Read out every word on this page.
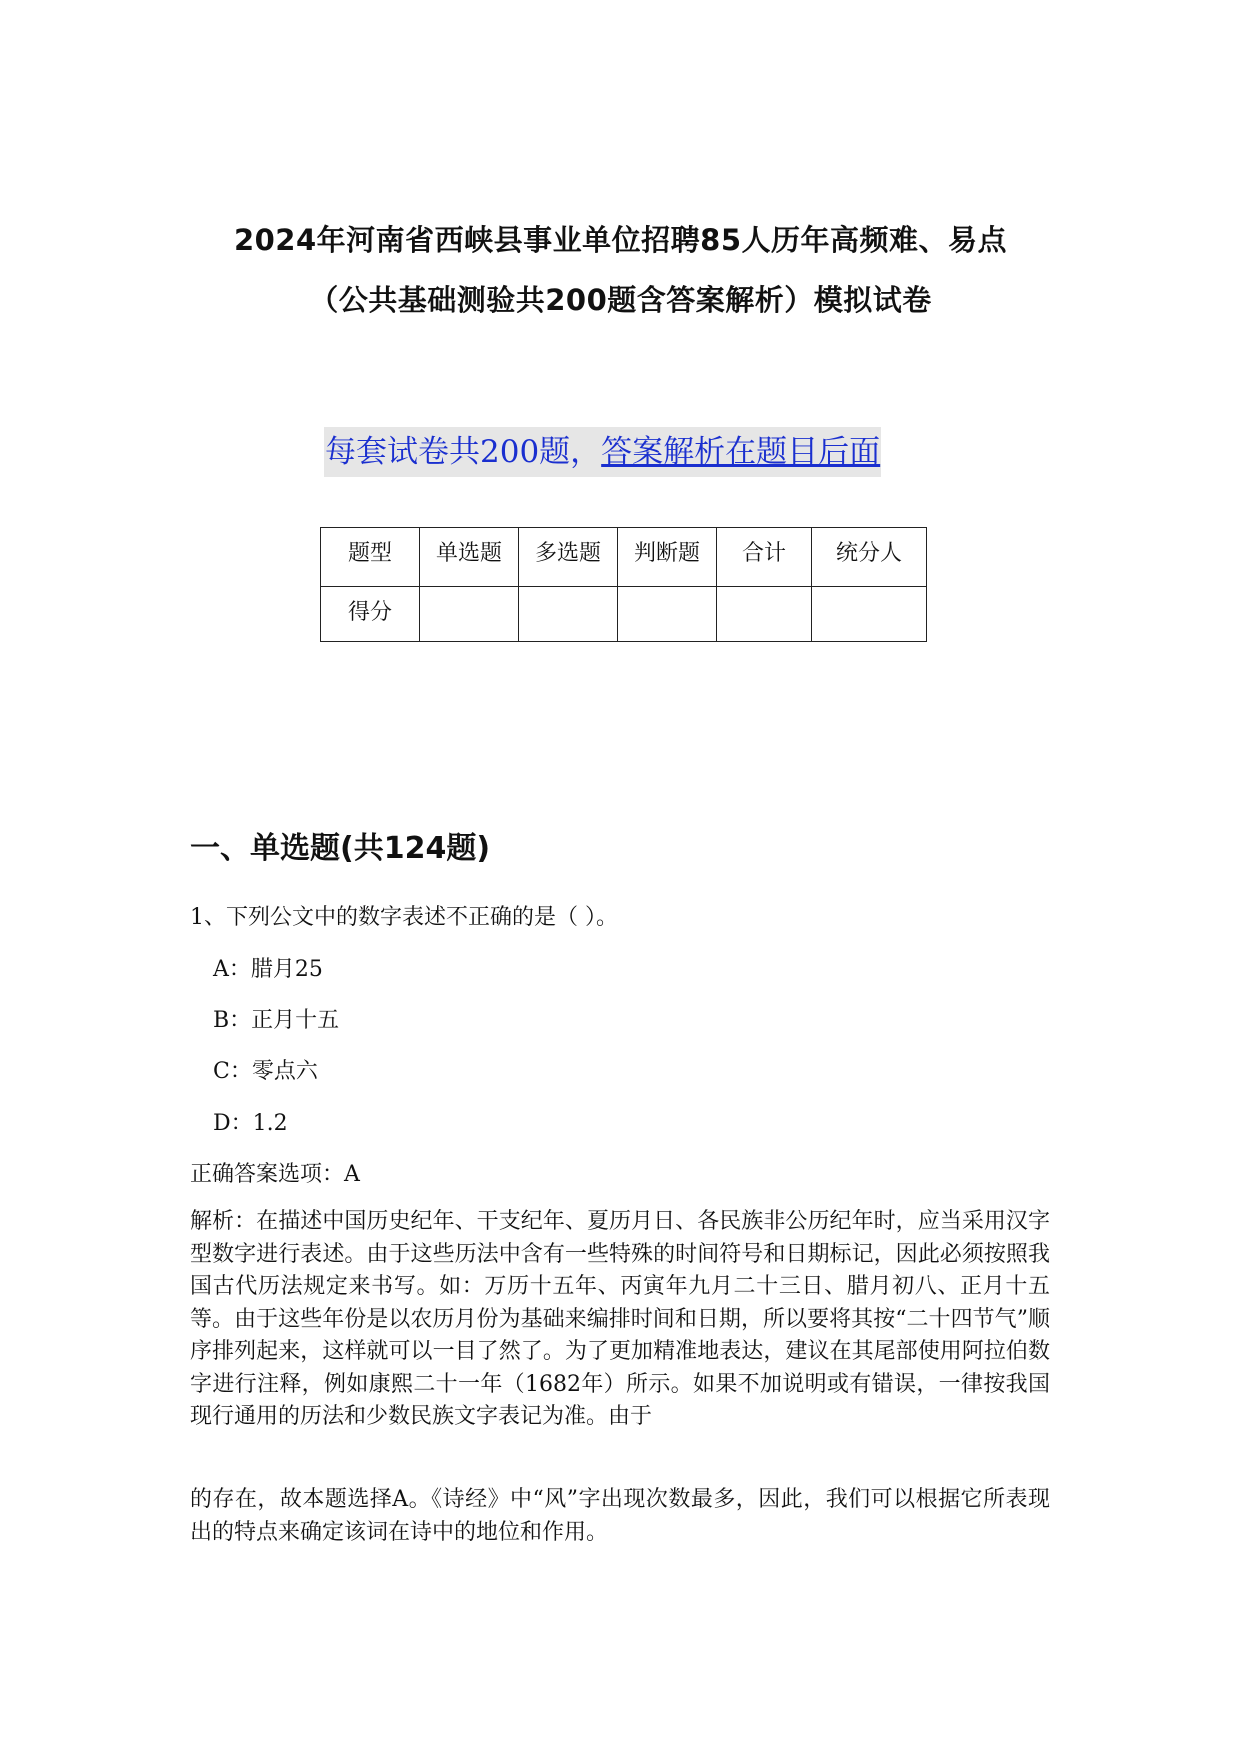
2024年河南省西峡县事业单位招聘85人历年高频难、易点
（公共基础测验共200题含答案解析）模拟试卷
每套试卷共200题，答案解析在题目后面
题型	单选题	多选题	判断题	合计	统分人
得分					
一、单选题(共124题)
1、下列公文中的数字表述不正确的是（ ）。
A：腊月25
B：正月十五
C：零点六
D：1.2
正确答案选项：A
解析：在描述中国历史纪年、干支纪年、夏历月日、各民族非公历纪年时，应当采用汉字型数字进行表述。由于这些历法中含有一些特殊的时间符号和日期标记，因此必须按照我国古代历法规定来书写。如：万历十五年、丙寅年九月二十三日、腊月初八、正月十五等。由于这些年份是以农历月份为基础来编排时间和日期，所以要将其按“二十四节气”顺序排列起来，这样就可以一目了然了。为了更加精准地表达，建议在其尾部使用阿拉伯数字进行注释，例如康熙二十一年（1682年）所示。如果不加说明或有错误，一律按我国现行通用的历法和少数民族文字表记为准。由于
的存在，故本题选择A。《诗经》中“风”字出现次数最多，因此，我们可以根据它所表现出的特点来确定该词在诗中的地位和作用。
